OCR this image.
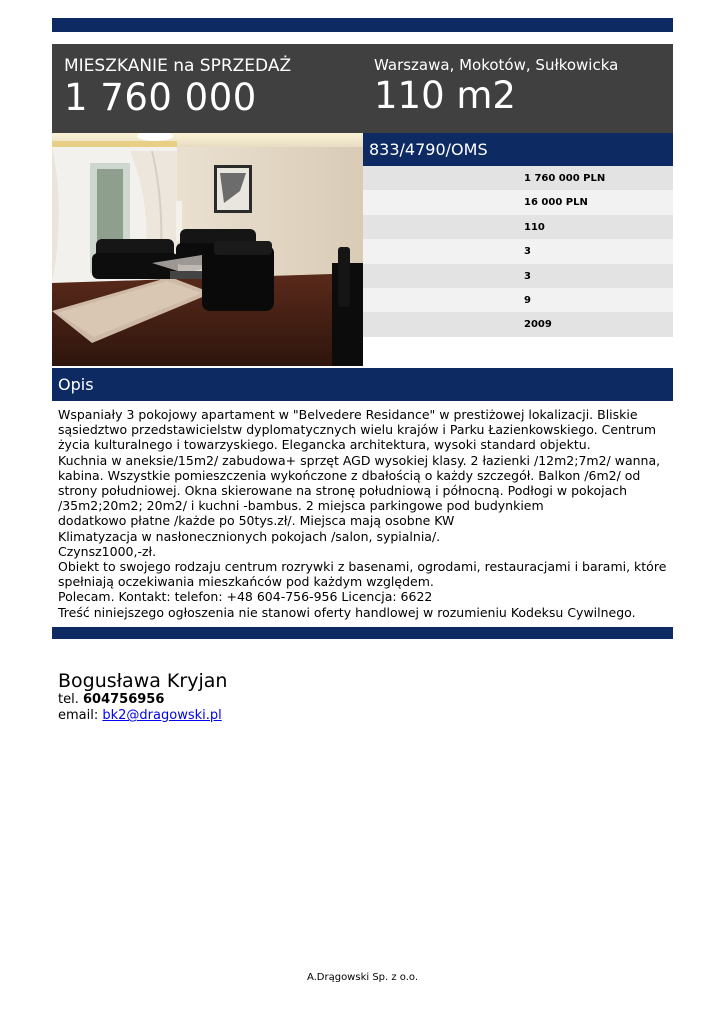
MIESZKANIE na SPRZEDAŻ
1 760 000
Warszawa, Mokotów, Sułkowicka
110 m2
833/4790/OMS
1 760 000 PLN
16 000 PLN
110
3
3
9
2009
Opis

Wspaniały 3 pokojowy apartament w "Belvedere Residance" w prestiżowej lokalizacji. Bliskie sąsiedztwo przedstawicielstw dyplomatycznych wielu krajów i Parku Łazienkowskiego. Centrum życia kulturalnego i towarzyskiego. Elegancka architektura, wysoki standard objektu.

Kuchnia w aneksie/15m2/ zabudowa+ sprzęt AGD wysokiej klasy. 2 łazienki /12m2;7m2/ wanna, kabina. Wszystkie pomieszczenia wykończone z dbałością o każdy szczegół. Balkon /6m2/ od strony południowej. Okna skierowane na stronę południową i północną. Podłogi w pokojach /35m2;20m2; 20m2/ i kuchni -bambus. 2 miejsca parkingowe pod budynkiem

dodatkowo płatne /każde po 50tys.zł/. Miejsca mają osobne KW

Klimatyzacja w nasłonecznionych pokojach /salon, sypialnia/.

Czynsz1000,-zł.

Obiekt to swojego rodzaju centrum rozrywki z basenami, ogrodami, restauracjami i barami, które spełniają oczekiwania mieszkańców pod każdym względem.

Polecam. Kontakt: telefon: +48 604-756-956 Licencja: 6622

Treść niniejszego ogłoszenia nie stanowi oferty handlowej w rozumieniu Kodeksu Cywilnego.

Bogusława Kryjan
tel. 604756956
email: bk2@dragowski.pl
A.Drągowski Sp. z o.o.
